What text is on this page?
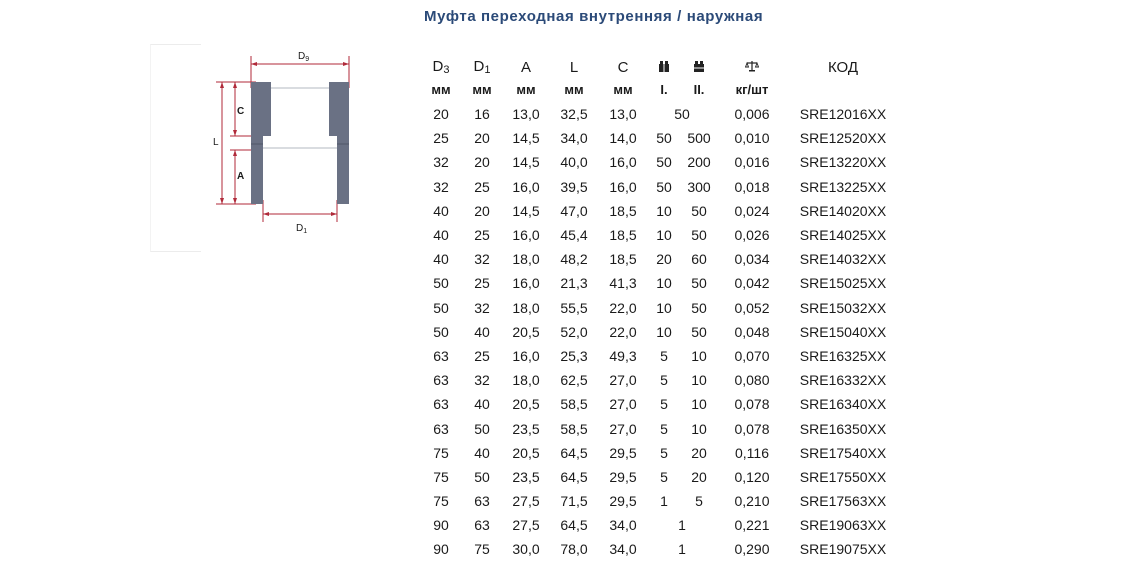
Муфта переходная внутренняя / наружная
$D_9$
$D_1$
C
L
A
$D_3$	$D_1$	A	L	C				КОД
мм	мм	мм	мм	мм	I.	II.	кг/шт	
20	16	13,0	32,5	13,0	50		0,006	SRE12016XX
25	20	14,5	34,0	14,0	50	500	0,010	SRE12520XX
32	20	14,5	40,0	16,0	50	200	0,016	SRE13220XX
32	25	16,0	39,5	16,0	50	300	0,018	SRE13225XX
40	20	14,5	47,0	18,5	10	50	0,024	SRE14020XX
40	25	16,0	45,4	18,5	10	50	0,026	SRE14025XX
40	32	18,0	48,2	18,5	20	60	0,034	SRE14032XX
50	25	16,0	21,3	41,3	10	50	0,042	SRE15025XX
50	32	18,0	55,5	22,0	10	50	0,052	SRE15032XX
50	40	20,5	52,0	22,0	10	50	0,048	SRE15040XX
63	25	16,0	25,3	49,3	5	10	0,070	SRE16325XX
63	32	18,0	62,5	27,0	5	10	0,080	SRE16332XX
63	40	20,5	58,5	27,0	5	10	0,078	SRE16340XX
63	50	23,5	58,5	27,0	5	10	0,078	SRE16350XX
75	40	20,5	64,5	29,5	5	20	0,116	SRE17540XX
75	50	23,5	64,5	29,5	5	20	0,120	SRE17550XX
75	63	27,5	71,5	29,5	1	5	0,210	SRE17563XX
90	63	27,5	64,5	34,0	1		0,221	SRE19063XX
90	75	30,0	78,0	34,0	1		0,290	SRE19075XX
